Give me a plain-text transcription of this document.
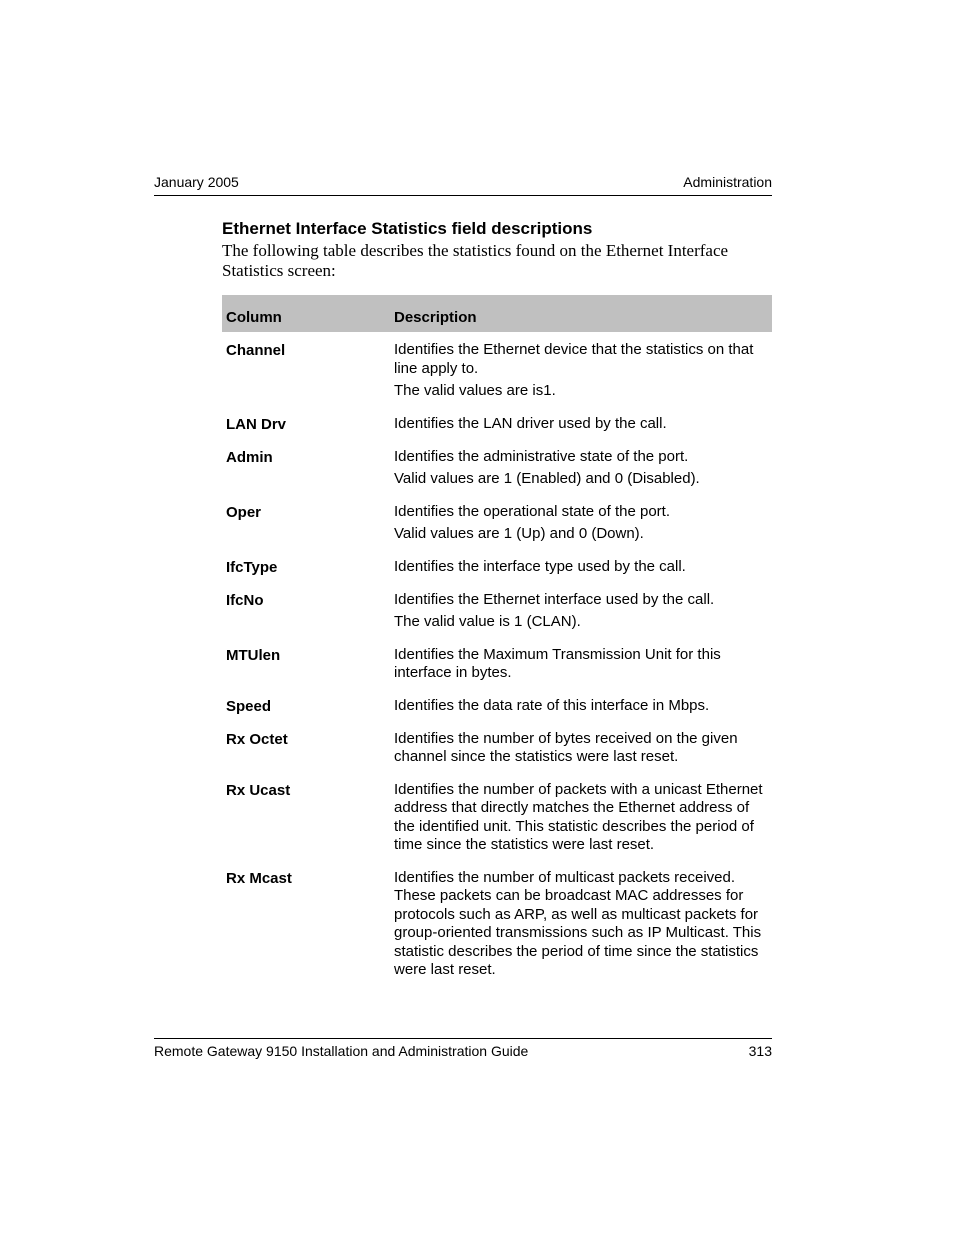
January 2005	Administration
Ethernet Interface Statistics field descriptions

The following table describes the statistics found on the Ethernet Interface Statistics screen:

Column	Description
Channel	Identifies the Ethernet device that the statistics on that line apply to.

The valid values are is1.

LAN Drv	Identifies the LAN driver used by the call.

Admin	Identifies the administrative state of the port.

Valid values are 1 (Enabled) and 0 (Disabled).

Oper	Identifies the operational state of the port.

Valid values are 1 (Up) and 0 (Down).

IfcType	Identifies the interface type used by the call.

IfcNo	Identifies the Ethernet interface used by the call.

The valid value is 1 (CLAN).

MTUlen	Identifies the Maximum Transmission Unit for this interface in bytes.

Speed	Identifies the data rate of this interface in Mbps.

Rx Octet	Identifies the number of bytes received on the given channel since the statistics were last reset.

Rx Ucast	Identifies the number of packets with a unicast Ethernet address that directly matches the Ethernet address of the identified unit. This statistic describes the period of time since the statistics were last reset.

Rx Mcast	Identifies the number of multicast packets received. These packets can be broadcast MAC addresses for protocols such as ARP, as well as multicast packets for group-oriented transmissions such as IP Multicast. This statistic describes the period of time since the statistics were last reset.

Remote Gateway 9150 Installation and Administration Guide	313
